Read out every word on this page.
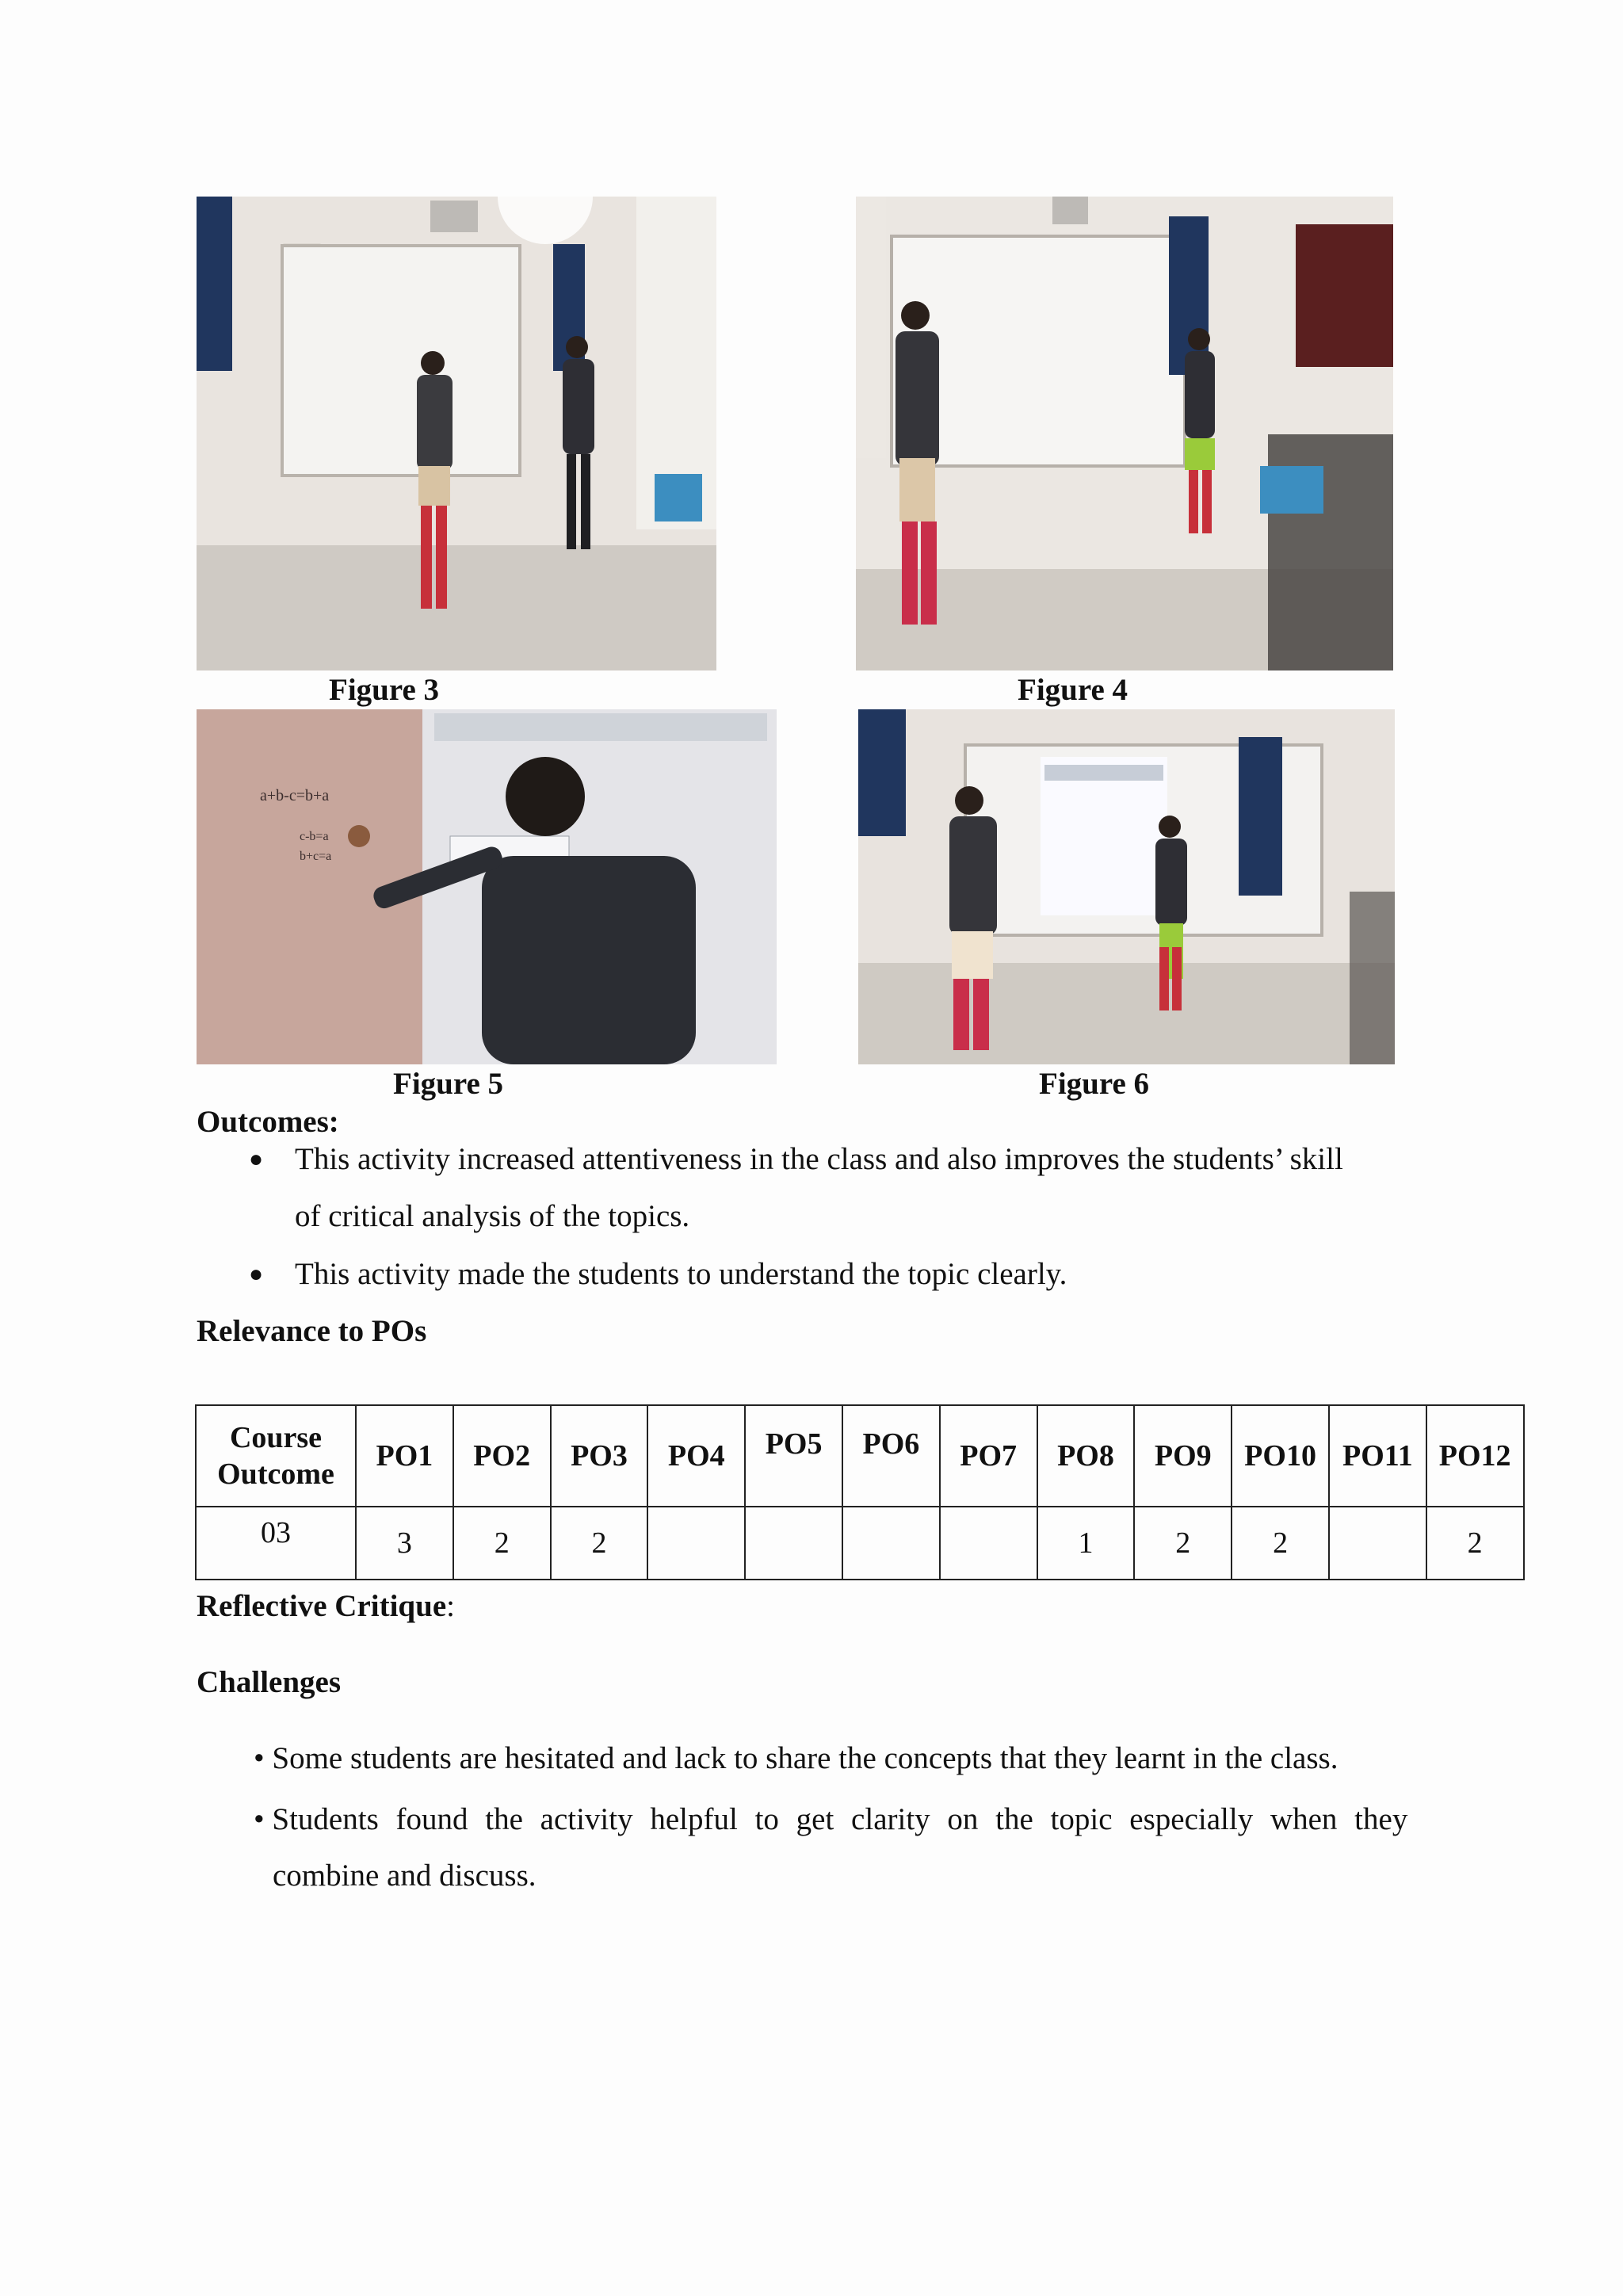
Figure 3	Figure 4
a+b-c=b+a
c-b=a
b+c=a
Figure 5	Figure 6
Outcomes:
● This activity increased attentiveness in the class and also improves the students’ skill
of critical analysis of the topics.
● This activity made the students to understand the topic clearly.
Relevance to POs
Course
Outcome	PO1	PO2	PO3	PO4	PO5	PO6	PO7	PO8	PO9	PO10	PO11	PO12
03	3	2	2					1	2	2		2
Reflective Critique:
Challenges
• Some students are hesitated and lack to share the concepts that they learnt in the class.
• Students found the activity helpful to get clarity on the topic especially when they
combine and discuss.
